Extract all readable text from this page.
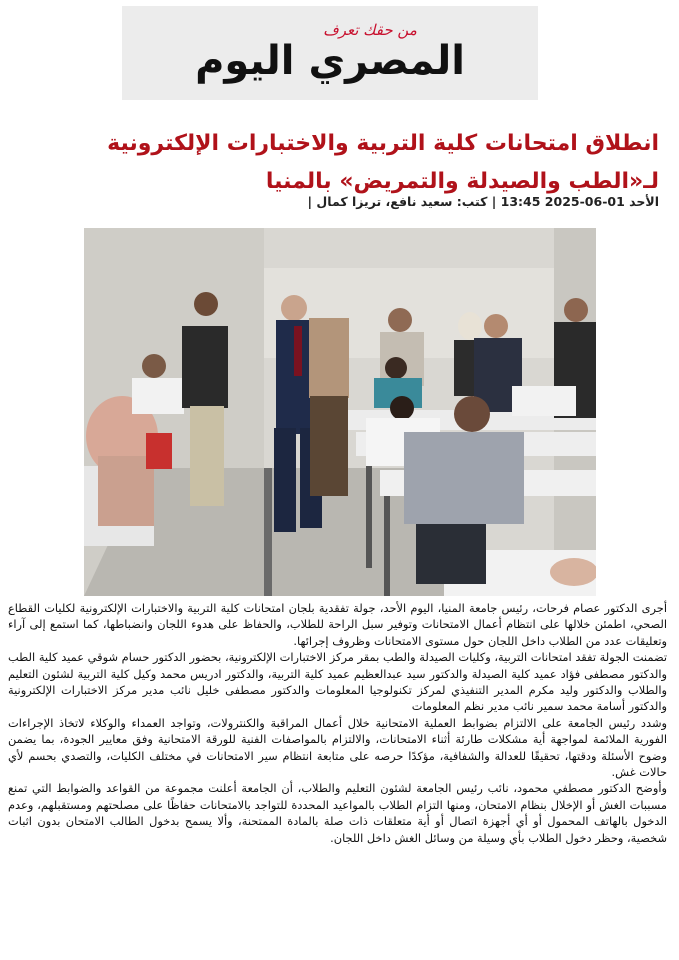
من حقك تعرف
المصري اليوم
انطلاق امتحانات كلية التربية والاختبارات الإلكترونية لـ«الطب والصيدلة والتمريض» بالمنيا
الأحد 01-06-2025 13:45 | كتب: سعيد نافع، تريزا كمال |

أجرى الدكتور عصام فرحات، رئيس جامعة المنيا، اليوم الأحد، جولة تفقدية بلجان امتحانات كلية التربية والاختبارات الإلكترونية لكليات القطاع الصحي، اطمئن خلالها على انتظام أعمال الامتحانات وتوفير سبل الراحة للطلاب، والحفاظ على هدوء اللجان وانضباطها، كما استمع إلى آراء وتعليقات عدد من الطلاب داخل اللجان حول مستوى الامتحانات وظروف إجرائها.

تضمنت الجولة تفقد امتحانات التربية، وكليات الصيدلة والطب بمقر مركز الاختبارات الإلكترونية، بحضور الدكتور حسام شوقي عميد كلية الطب والدكتور مصطفى فؤاد عميد كلية الصيدلة والدكتور سيد عبدالعظيم عميد كلية التربية، والدكتور ادريس محمد وكيل كلية التربية لشئون التعليم والطلاب والدكتور وليد مكرم المدير التنفيذي لمركز تكنولوجيا المعلومات والدكتور مصطفى خليل نائب مدير مركز الاختبارات الإلكترونية والدكتور أسامة محمد سمير نائب مدير نظم المعلومات

وشدد رئيس الجامعة على الالتزام بضوابط العملية الامتحانية خلال أعمال المراقبة والكنترولات، وتواجد العمداء والوكلاء لاتخاذ الإجراءات الفورية الملائمة لمواجهة أية مشكلات طارئة أثناء الامتحانات، والالتزام بالمواصفات الفنية للورقة الامتحانية وفق معايير الجودة، بما يضمن وضوح الأسئلة ودقتها، تحقيقًا للعدالة والشفافية، مؤكدًا حرصه على متابعة انتظام سير الامتحانات في مختلف الكليات، والتصدي بحسم لأي حالات غش.

وأوضح الدكتور مصطفي محمود، نائب رئيس الجامعة لشئون التعليم والطلاب، أن الجامعة أعلنت مجموعة من القواعد والضوابط التي تمنع مسببات الغش أو الإخلال بنظام الامتحان، ومنها التزام الطلاب بالمواعيد المحددة للتواجد بالامتحانات حفاظًا على مصلحتهم ومستقبلهم، وعدم الدخول بالهاتف المحمول أو أي أجهزة اتصال أو أية متعلقات ذات صلة بالمادة الممتحنة، وألا يسمح بدخول الطالب الامتحان بدون اثبات شخصية، وحظر دخول الطلاب بأي وسيلة من وسائل الغش داخل اللجان.
